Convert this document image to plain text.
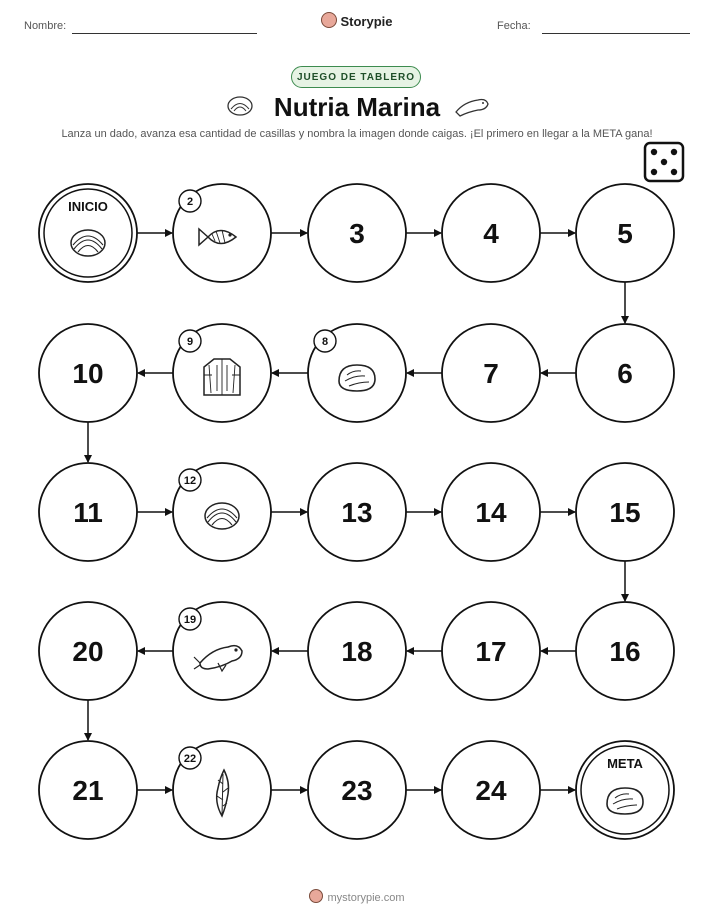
Nombre:	Storypie	Fecha:
JUEGO DE TABLERO
Nutria Marina
Lanza un dado, avanza esa cantidad de casillas y nombra la imagen donde caigas. ¡El primero en llegar a la META gana!
INICIO	2
3	4	5
6
7
8
9
10
11
12
13	14	15
16
17
18
19
20
21
22
23	24
META
mystorypie.com
